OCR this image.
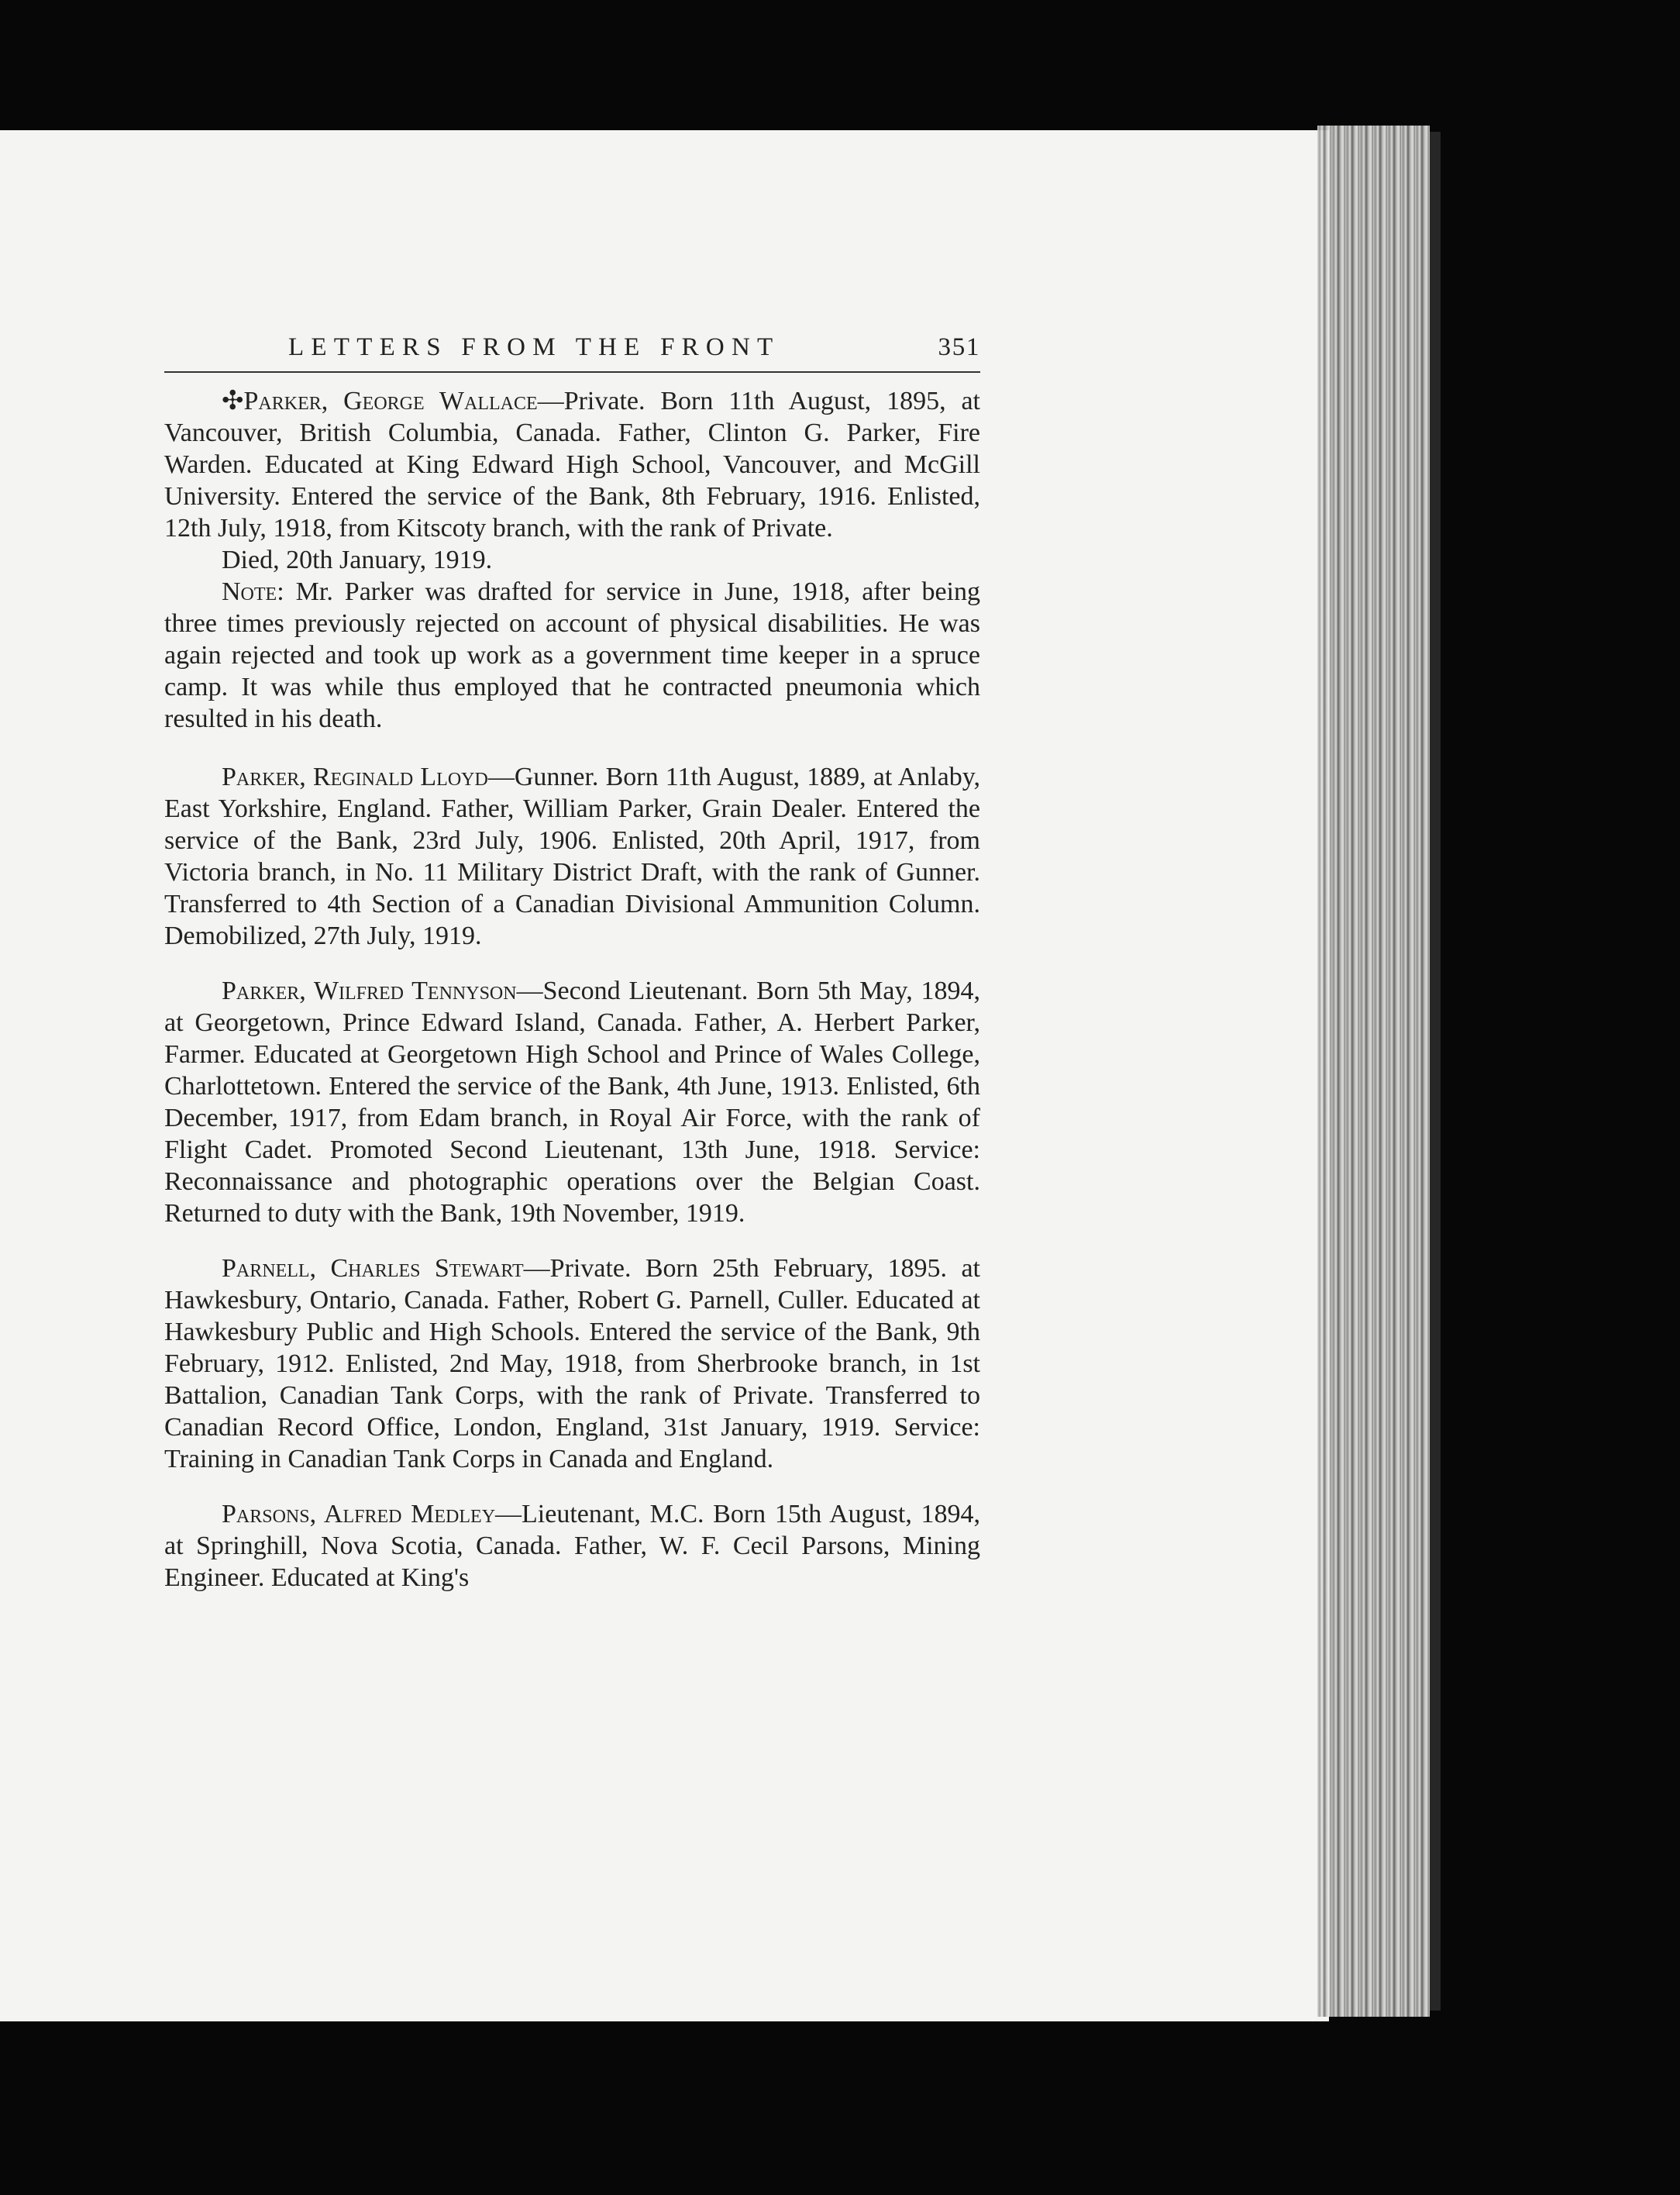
LETTERS FROM THE FRONT	351

✣Parker, George Wallace—Private. Born 11th August, 1895, at Vancouver, British Columbia, Canada. Father, Clinton G. Parker, Fire Warden. Educated at King Edward High School, Vancouver, and McGill University. Entered the service of the Bank, 8th February, 1916. Enlisted, 12th July, 1918, from Kitscoty branch, with the rank of Private.

Died, 20th January, 1919.

Note: Mr. Parker was drafted for service in June, 1918, after being three times previously rejected on account of physical disabilities. He was again rejected and took up work as a government time keeper in a spruce camp. It was while thus employed that he contracted pneumonia which resulted in his death.

Parker, Reginald Lloyd—Gunner. Born 11th August, 1889, at Anlaby, East Yorkshire, England. Father, William Parker, Grain Dealer. Entered the service of the Bank, 23rd July, 1906. Enlisted, 20th April, 1917, from Victoria branch, in No. 11 Military District Draft, with the rank of Gunner. Transferred to 4th Section of a Canadian Divisional Ammunition Column. Demobilized, 27th July, 1919.

Parker, Wilfred Tennyson—Second Lieutenant. Born 5th May, 1894, at Georgetown, Prince Edward Island, Canada. Father, A. Herbert Parker, Farmer. Educated at Georgetown High School and Prince of Wales College, Charlottetown. Entered the service of the Bank, 4th June, 1913. Enlisted, 6th December, 1917, from Edam branch, in Royal Air Force, with the rank of Flight Cadet. Promoted Second Lieutenant, 13th June, 1918. Service: Reconnaissance and photographic operations over the Belgian Coast. Returned to duty with the Bank, 19th November, 1919.

Parnell, Charles Stewart—Private. Born 25th February, 1895. at Hawkesbury, Ontario, Canada. Father, Robert G. Parnell, Culler. Educated at Hawkesbury Public and High Schools. Entered the service of the Bank, 9th February, 1912. Enlisted, 2nd May, 1918, from Sherbrooke branch, in 1st Battalion, Canadian Tank Corps, with the rank of Private. Transferred to Canadian Record Office, London, England, 31st January, 1919. Service: Training in Canadian Tank Corps in Canada and England.

Parsons, Alfred Medley—Lieutenant, M.C. Born 15th August, 1894, at Springhill, Nova Scotia, Canada. Father, W. F. Cecil Parsons, Mining Engineer. Educated at King's
